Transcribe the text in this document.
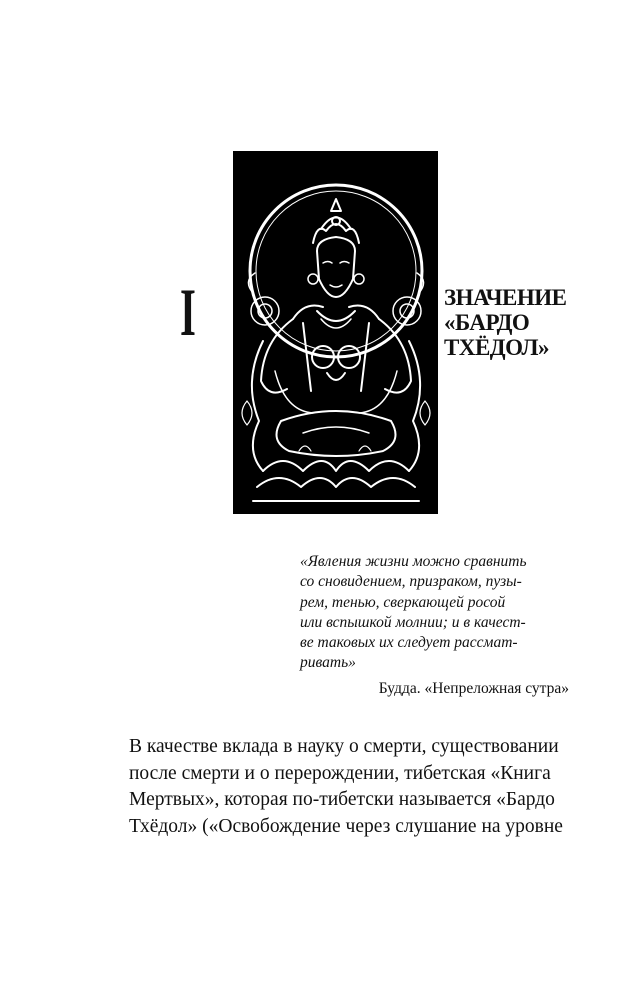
I	ЗНАЧЕНИЕ
«БАРДО
ТХЁДОЛ»
«Явления жизни можно сравнить
со сновидением, призраком, пузы-
рем, тенью, сверкающей росой
или вспышкой молнии; и в качест-
ве таковых их следует рассмат-
ривать»
Будда. «Непреложная сутра»
В качестве вклада в науку о смерти, существовании
после смерти и о перерождении, тибетская «Книга
Мертвых», которая по-тибетски называется «Бардо
Тхёдол» («Освобождение через слушание на уровне
